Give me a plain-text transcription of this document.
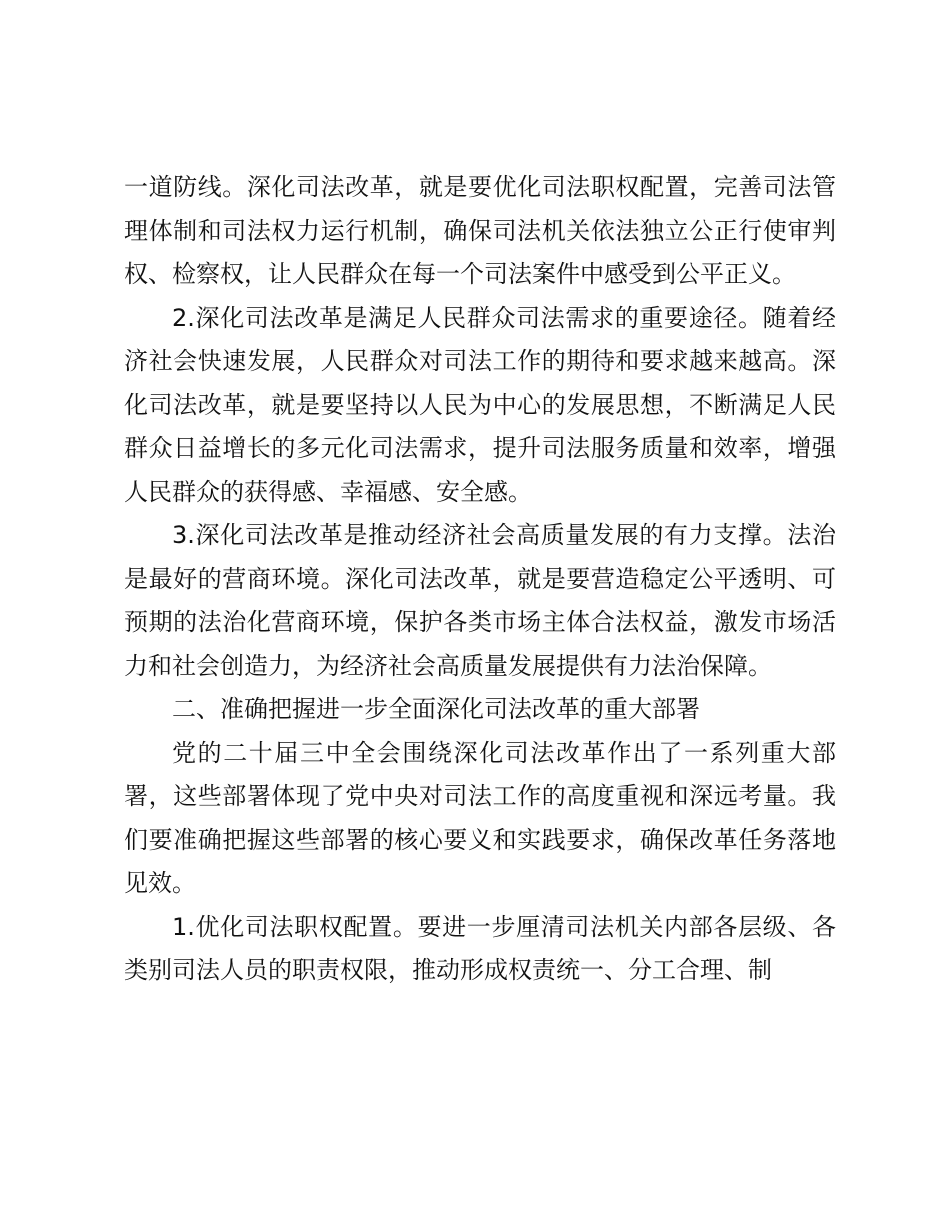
一道防线。深化司法改革，就是要优化司法职权配置，完善司法管理体制和司法权力运行机制，确保司法机关依法独立公正行使审判权、检察权，让人民群众在每一个司法案件中感受到公平正义。

2.深化司法改革是满足人民群众司法需求的重要途径。随着经济社会快速发展，人民群众对司法工作的期待和要求越来越高。深化司法改革，就是要坚持以人民为中心的发展思想，不断满足人民群众日益增长的多元化司法需求，提升司法服务质量和效率，增强人民群众的获得感、幸福感、安全感。

3.深化司法改革是推动经济社会高质量发展的有力支撑。法治是最好的营商环境。深化司法改革，就是要营造稳定公平透明、可预期的法治化营商环境，保护各类市场主体合法权益，激发市场活力和社会创造力，为经济社会高质量发展提供有力法治保障。

二、准确把握进一步全面深化司法改革的重大部署

党的二十届三中全会围绕深化司法改革作出了一系列重大部署，这些部署体现了党中央对司法工作的高度重视和深远考量。我们要准确把握这些部署的核心要义和实践要求，确保改革任务落地见效。

1.优化司法职权配置。要进一步厘清司法机关内部各层级、各类别司法人员的职责权限，推动形成权责统一、分工合理、制
